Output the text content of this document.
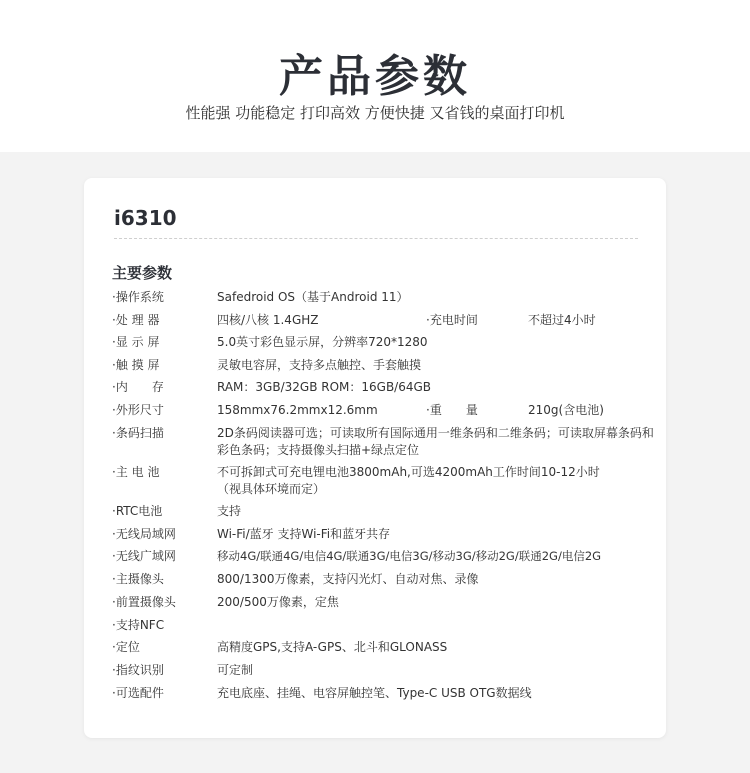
产品参数
性能强 功能稳定 打印高效 方便快捷 又省钱的桌面打印机
i6310
主要参数
·操作系统	Safedroid OS（基于Android 11）
·处 理 器	四核/八核 1.4GHZ	·充电时间	不超过4小时
·显 示 屏	5.0英寸彩色显示屏，分辨率720*1280
·触 摸 屏	灵敏电容屏，支持多点触控、手套触摸
·内　　存	RAM：3GB/32GB ROM：16GB/64GB
·外形尺寸	158mmx76.2mmx12.6mm	·重　　量	210g(含电池)
·条码扫描	2D条码阅读器可选；可读取所有国际通用一维条码和二维条码；可读取屏幕条码和彩色条码；支持摄像头扫描+绿点定位
·主 电 池	不可拆卸式可充电锂电池3800mAh,可选4200mAh工作时间10-12小时（视具体环境而定）
·RTC电池	支持
·无线局域网	Wi-Fi/蓝牙 支持Wi-Fi和蓝牙共存
·无线广域网	移动4G/联通4G/电信4G/联通3G/电信3G/移动3G/移动2G/联通2G/电信2G
·主摄像头	800/1300万像素，支持闪光灯、自动对焦、录像
·前置摄像头	200/500万像素，定焦
·支持NFC
·定位	高精度GPS,支持A-GPS、北斗和GLONASS
·指纹识别	可定制
·可选配件	充电底座、挂绳、电容屏触控笔、Type-C USB OTG数据线
